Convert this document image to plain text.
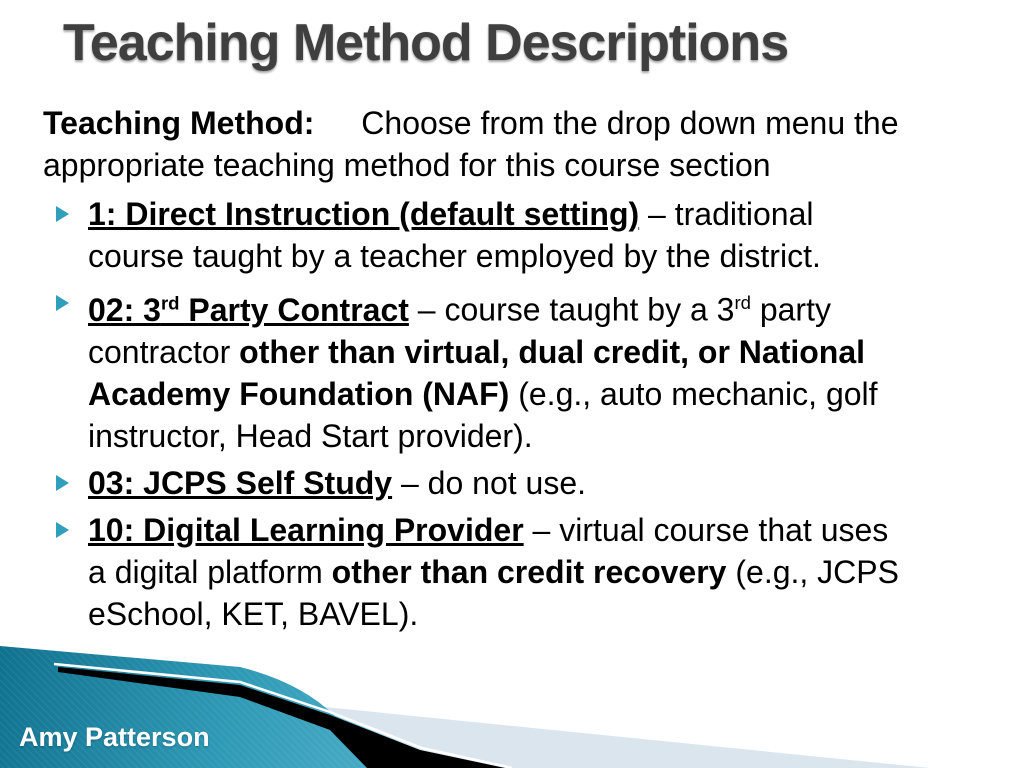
Teaching Method Descriptions
Teaching Method: Choose from the drop down menu the
appropriate teaching method for this course section
1: Direct Instruction (default setting) – traditional
course taught by a teacher employed by the district.
02: 3rd Party Contract – course taught by a 3rd party
contractor other than virtual, dual credit, or National
Academy Foundation (NAF) (e.g., auto mechanic, golf
instructor, Head Start provider).
03: JCPS Self Study – do not use.
10: Digital Learning Provider – virtual course that uses
a digital platform other than credit recovery (e.g., JCPS
eSchool, KET, BAVEL).
Amy Patterson
